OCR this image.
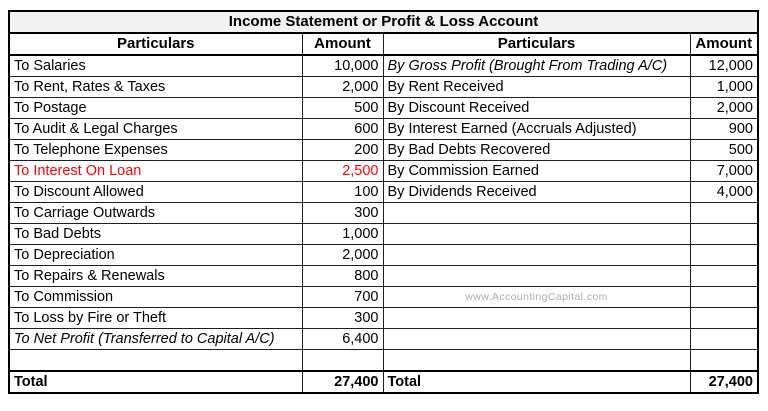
Income Statement or Profit & Loss Account			
Particulars	Amount	Particulars	Amount
To Salaries	10,000	By Gross Profit (Brought From Trading A/C)	12,000
To Rent, Rates & Taxes	2,000	By Rent Received	1,000
To Postage	500	By Discount Received	2,000
To Audit & Legal Charges	600	By Interest Earned (Accruals Adjusted)	900
To Telephone Expenses	200	By Bad Debts Recovered	500
To Interest On Loan	2,500	By Commission Earned	7,000
To Discount Allowed	100	By Dividends Received	4,000
To Carriage Outwards	300		
To Bad Debts	1,000		
To Depreciation	2,000		
To Repairs & Renewals	800		
To Commission	700	www.AccountingCapital.com	

To Loss by Fire or Theft	300		
To Net Profit (Transferred to Capital A/C)	6,400		

Total	27,400	Total	27,400
